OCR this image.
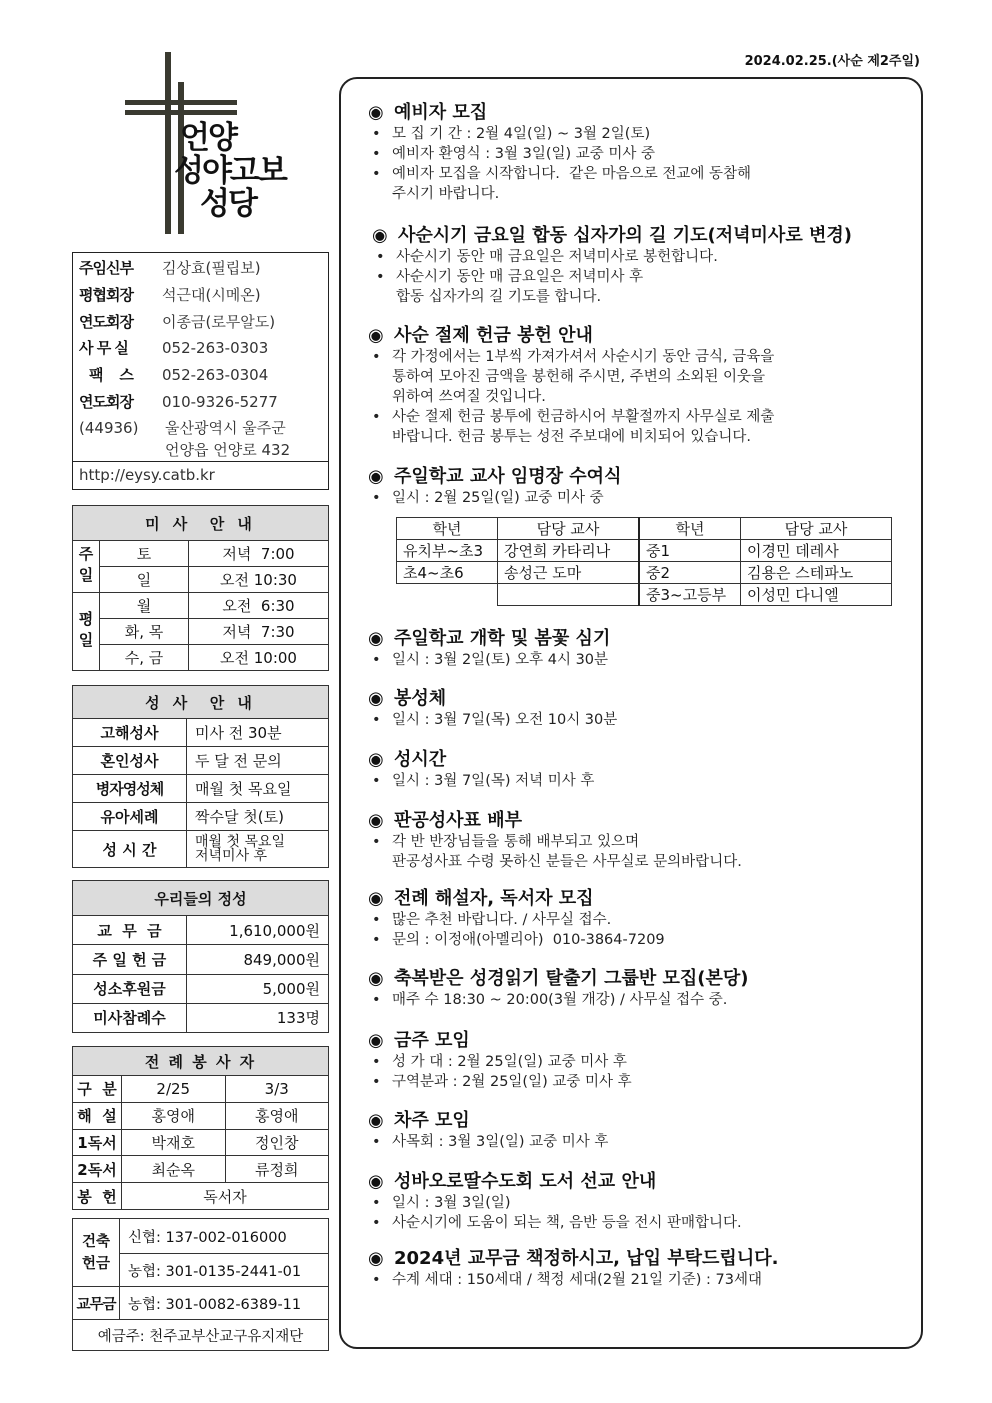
2024.02.25.(사순 제2주일)
언양
성야고보
성당
주임신부 김상효(필립보)
평협회장 석근대(시메온)
연도회장 이종금(로무알도)
사 무 실 052-263-0303
팩    스 052-263-0304
연도회장 010-9326-5277
(44936) 울산광역시 울주군
언양읍 언양로 432
http://eysy.catb.kr
미 사  안 내		
주일	토	저녁  7:00
	일	오전 10:30
평일	월	오전  6:30
	화, 목	저녁  7:30
	수, 금	오전 10:00
성 사  안 내	
고해성사	미사 전 30분
혼인성사	두 달 전 문의
병자영성체	매월 첫 목요일
유아세례	짝수달 첫(토)
성 시 간	매월 첫 목요일
저녁미사 후
우리들의 정성	
교  무  금	1,610,000원
주 일 헌 금	849,000원
성소후원금	5,000원
미사참례수	133명
전 례 봉 사 자		
구  분	2/25	3/3
해  설	홍영애	홍영애
1독서	박재호	정인창
2독서	최순옥	류정희
봉  헌	독서자	
건축
헌금	신협: 137-002-016000
	농협: 301-0135-2441-01
교무금	농협: 301-0082-6389-11
예금주: 천주교부산교구유지재단	
◉ 예비자 모집
• 모 집 기 간 : 2월 4일(일) ~ 3월 2일(토)
• 예비자 환영식 : 3월 3일(일) 교중 미사 중
• 예비자 모집을 시작합니다.  같은 마음으로 전교에 동참해
주시기 바랍니다.
◉ 사순시기 금요일 합동 십자가의 길 기도(저녁미사로 변경)
• 사순시기 동안 매 금요일은 저녁미사로 봉헌합니다.
• 사순시기 동안 매 금요일은 저녁미사 후
합동 십자가의 길 기도를 합니다.
◉ 사순 절제 헌금 봉헌 안내
• 각 가정에서는 1부씩 가져가셔서 사순시기 동안 금식, 금육을
통하여 모아진 금액을 봉헌해 주시면, 주변의 소외된 이웃을
위하여 쓰여질 것입니다.
• 사순 절제 헌금 봉투에 헌금하시어 부활절까지 사무실로 제출
바랍니다. 헌금 봉투는 성전 주보대에 비치되어 있습니다.
◉ 주일학교 교사 임명장 수여식
• 일시 : 2월 25일(일) 교중 미사 중
◉ 주일학교 개학 및 봄꽃 심기
• 일시 : 3월 2일(토) 오후 4시 30분
◉ 봉성체
• 일시 : 3월 7일(목) 오전 10시 30분
◉ 성시간
• 일시 : 3월 7일(목) 저녁 미사 후
◉ 판공성사표 배부
• 각 반 반장님들을 통해 배부되고 있으며
판공성사표 수령 못하신 분들은 사무실로 문의바랍니다.
◉ 전례 해설자, 독서자 모집
• 많은 추천 바랍니다. / 사무실 접수.
• 문의 : 이정애(아멜리아)  010-3864-7209
◉ 축복받은 성경읽기 탈출기 그룹반 모집(본당)
• 매주 수 18:30 ~ 20:00(3월 개강) / 사무실 접수 중.
◉ 금주 모임
• 성 가 대 : 2월 25일(일) 교중 미사 후
• 구역분과 : 2월 25일(일) 교중 미사 후
◉ 차주 모임
• 사목회 : 3월 3일(일) 교중 미사 후
◉ 성바오로딸수도회 도서 선교 안내
• 일시 : 3월 3일(일)
• 사순시기에 도움이 되는 책, 음반 등을 전시 판매합니다.
◉ 2024년 교무금 책정하시고, 납입 부탁드립니다.
• 수계 세대 : 150세대 / 책정 세대(2월 21일 기준) : 73세대
학년	담당 교사	학년	담당 교사
유치부~초3	강연희 카타리나	중1	이경민 데레사
초4~초6	송성근 도마	중2	김용은 스테파노
		중3~고등부	이성민 다니엘
